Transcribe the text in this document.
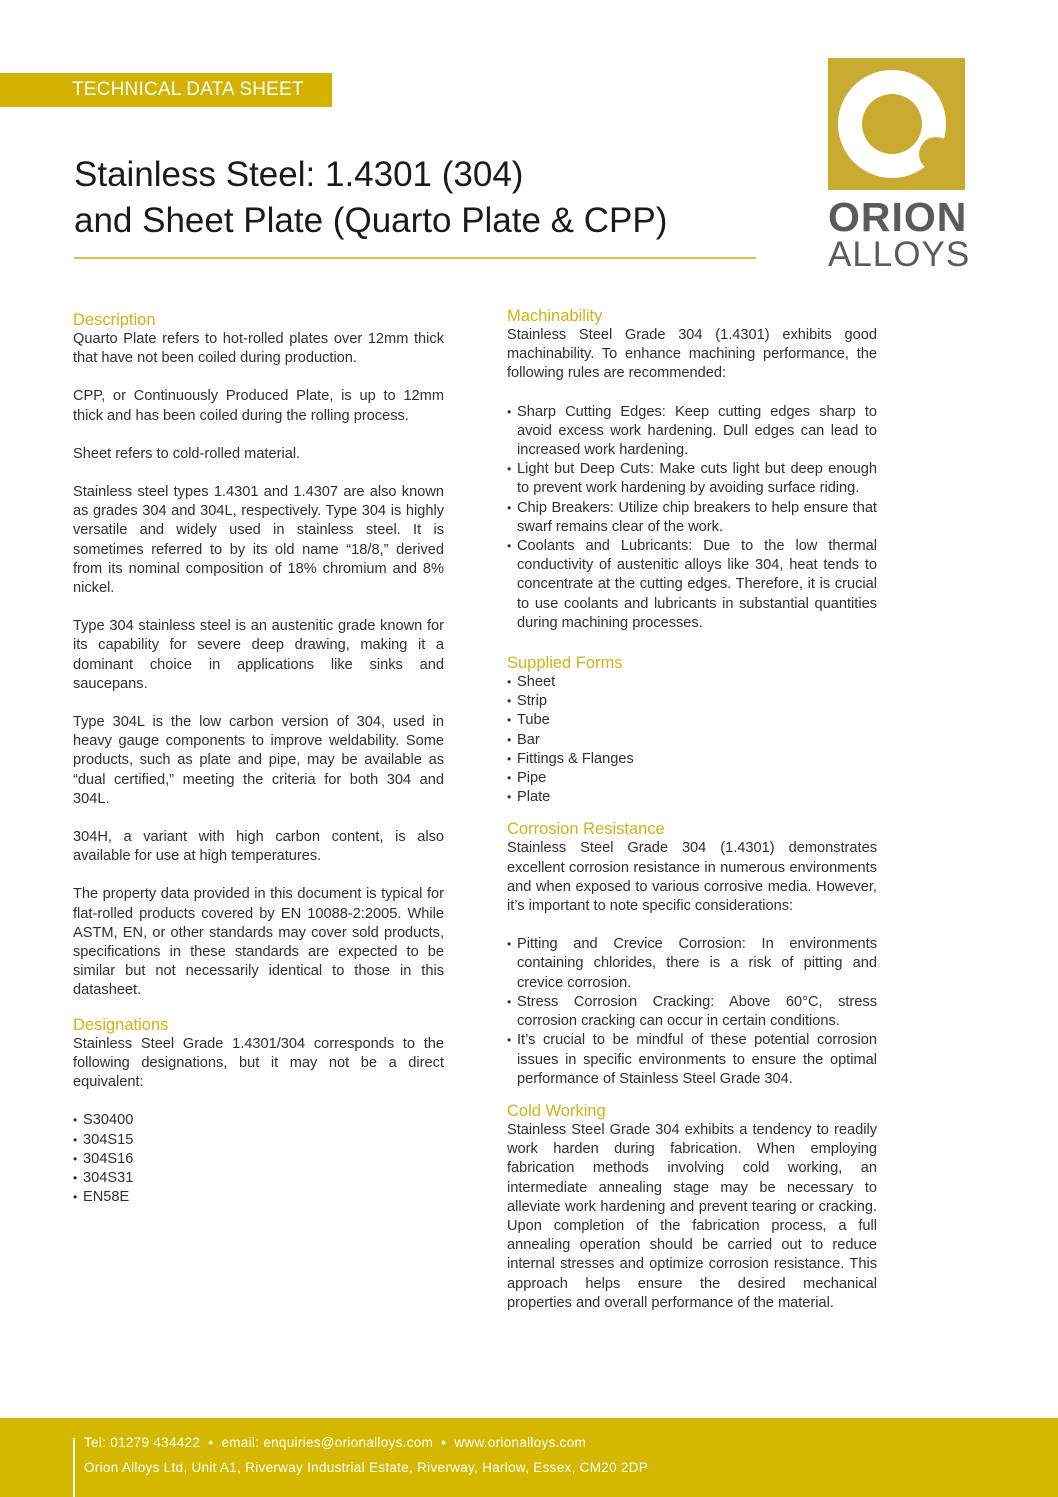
TECHNICAL DATA SHEET
Stainless Steel: 1.4301 (304)
and Sheet Plate (Quarto Plate & CPP)	ORION
ALLOYS
Description

Quarto Plate refers to hot-rolled plates over 12mm thick that have not been coiled during production.

CPP, or Continuously Produced Plate, is up to 12mm thick and has been coiled during the rolling process.

Sheet refers to cold-rolled material.

Stainless steel types 1.4301 and 1.4307 are also known as grades 304 and 304L, respectively. Type 304 is highly versatile and widely used in stainless steel. It is sometimes referred to by its old name “18/8,” derived from its nominal composition of 18% chromium and 8% nickel.

Type 304 stainless steel is an austenitic grade known for its capability for severe deep drawing, making it a dominant choice in applications like sinks and saucepans.

Type 304L is the low carbon version of 304, used in heavy gauge components to improve weldability. Some products, such as plate and pipe, may be available as “dual certified,” meeting the criteria for both 304 and 304L.

304H, a variant with high carbon content, is also available for use at high temperatures.

The property data provided in this document is typical for flat-rolled products covered by EN 10088-2:2005. While ASTM, EN, or other standards may cover sold products, specifications in these standards are expected to be similar but not necessarily identical to those in this datasheet.

Designations

Stainless Steel Grade 1.4301/304 corresponds to the following designations, but it may not be a direct equivalent:

• S30400
• 304S15
• 304S16
• 304S31
• EN58E
Machinability

Stainless Steel Grade 304 (1.4301) exhibits good machinability. To enhance machining performance, the following rules are recommended:

• Sharp Cutting Edges: Keep cutting edges sharp to avoid excess work hardening. Dull edges can lead to increased work hardening.
• Light but Deep Cuts: Make cuts light but deep enough to prevent work hardening by avoiding surface riding.
• Chip Breakers: Utilize chip breakers to help ensure that swarf remains clear of the work.
• Coolants and Lubricants: Due to the low thermal conductivity of austenitic alloys like 304, heat tends to concentrate at the cutting edges. Therefore, it is crucial to use coolants and lubricants in substantial quantities during machining processes.
Supplied Forms
• Sheet
• Strip
• Tube
• Bar
• Fittings & Flanges
• Pipe
• Plate
Corrosion Resistance

Stainless Steel Grade 304 (1.4301) demonstrates excellent corrosion resistance in numerous environments and when exposed to various corrosive media. However, it’s important to note specific considerations:

• Pitting and Crevice Corrosion: In environments containing chlorides, there is a risk of pitting and crevice corrosion.
• Stress Corrosion Cracking: Above 60°C, stress corrosion cracking can occur in certain conditions.
• It’s crucial to be mindful of these potential corrosion issues in specific environments to ensure the optimal performance of Stainless Steel Grade 304.
Cold Working

Stainless Steel Grade 304 exhibits a tendency to readily work harden during fabrication. When employing fabrication methods involving cold working, an intermediate annealing stage may be necessary to alleviate work hardening and prevent tearing or cracking. Upon completion of the fabrication process, a full annealing operation should be carried out to reduce internal stresses and optimize corrosion resistance. This approach helps ensure the desired mechanical properties and overall performance of the material.

Tel: 01279 434422 • email: enquiries@orionalloys.com • www.orionalloys.com
Orion Alloys Ltd, Unit A1, Riverway Industrial Estate, Riverway, Harlow, Essex, CM20 2DP
